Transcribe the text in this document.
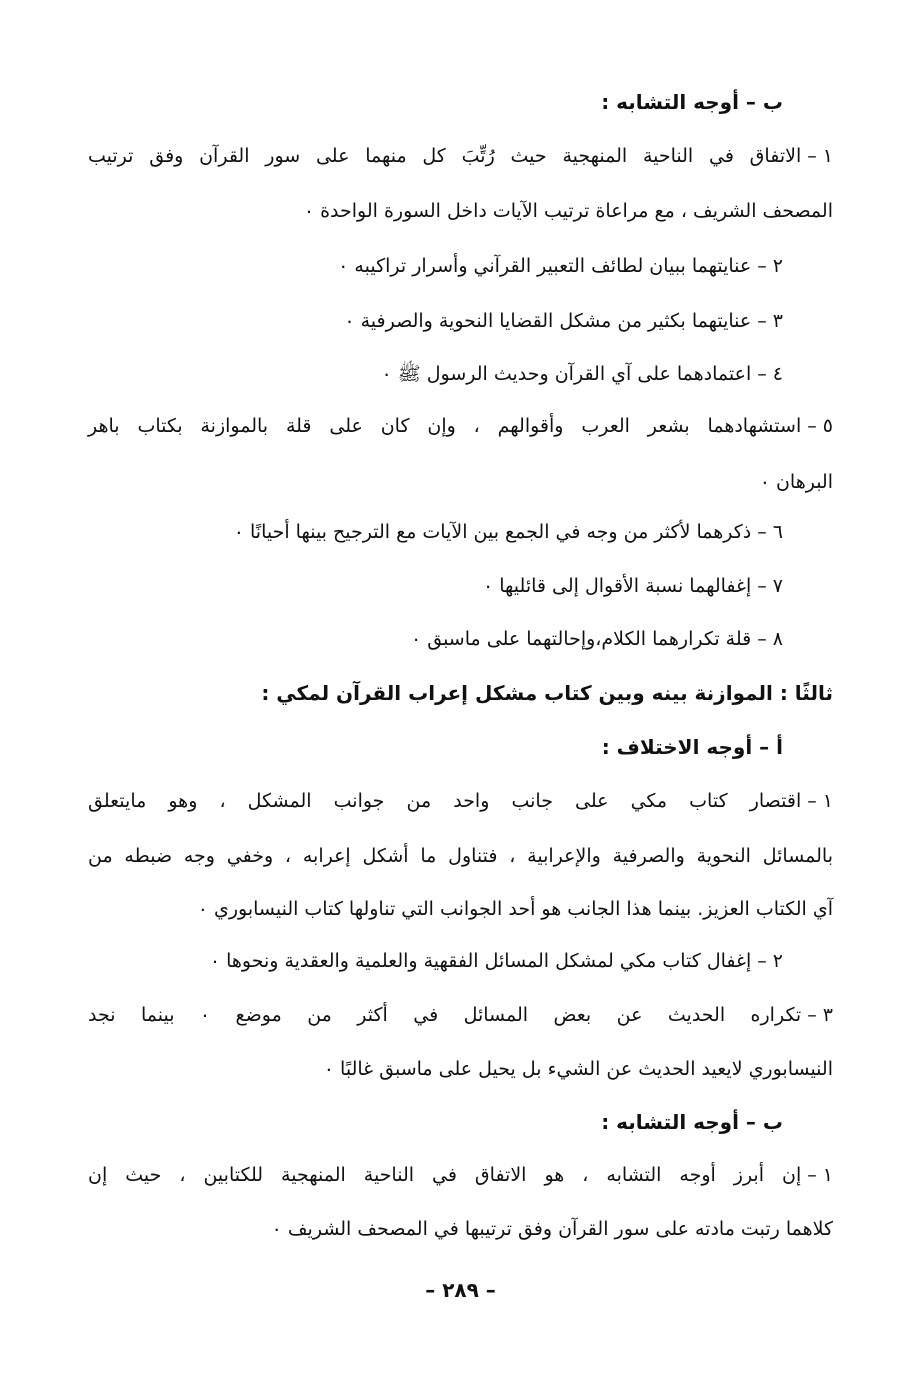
ب – أوجه التشابه :
١ –الاتفاق في الناحية المنهجية حيث رُتِّبَ كل منهما على سور القرآن وفق ترتيب
المصحف الشريف ، مع مراعاة ترتيب الآيات داخل السورة الواحدة ٠
٢ –عنايتهما ببيان لطائف التعبير القرآني وأسرار تراكيبه ٠
٣ –عنايتهما بكثير من مشكل القضايا النحوية والصرفية ٠
٤ –اعتمادهما على آي القرآن وحديث الرسول ﷺ ٠
٥ –استشهادهما بشعر العرب وأقوالهم ، وإن كان على قلة بالموازنة بكتاب باهر
البرهان ٠
٦ –ذكرهما لأكثر من وجه في الجمع بين الآيات مع الترجيح بينها أحيانًا ٠
٧ –إغفالهما نسبة الأقوال إلى قائليها ٠
٨ –قلة تكرارهما الكلام،وإحالتهما على ماسبق ٠
ثالثًا : الموازنة بينه وبين كتاب مشكل إعراب القرآن لمكي :
أ – أوجه الاختلاف :
١ –اقتصار كتاب مكي على جانب واحد من جوانب المشكل ، وهو مايتعلق
بالمسائل النحوية والصرفية والإعرابية ، فتناول ما أشكل إعرابه ، وخفي وجه ضبطه من
آي الكتاب العزيز. بينما هذا الجانب هو أحد الجوانب التي تناولها كتاب النيسابوري ٠
٢ –إغفال كتاب مكي لمشكل المسائل الفقهية والعلمية والعقدية ونحوها ٠
٣ –تكراره الحديث عن بعض المسائل في أكثر من موضع ٠ بينما نجد
النيسابوري لايعيد الحديث عن الشيء بل يحيل على ماسبق غالبًا ٠
ب – أوجه التشابه :
١ –إن أبرز أوجه التشابه ، هو الاتفاق في الناحية المنهجية للكتابين ، حيث إن
كلاهما رتبت مادته على سور القرآن وفق ترتيبها في المصحف الشريف ٠
– ٢٨٩ –
